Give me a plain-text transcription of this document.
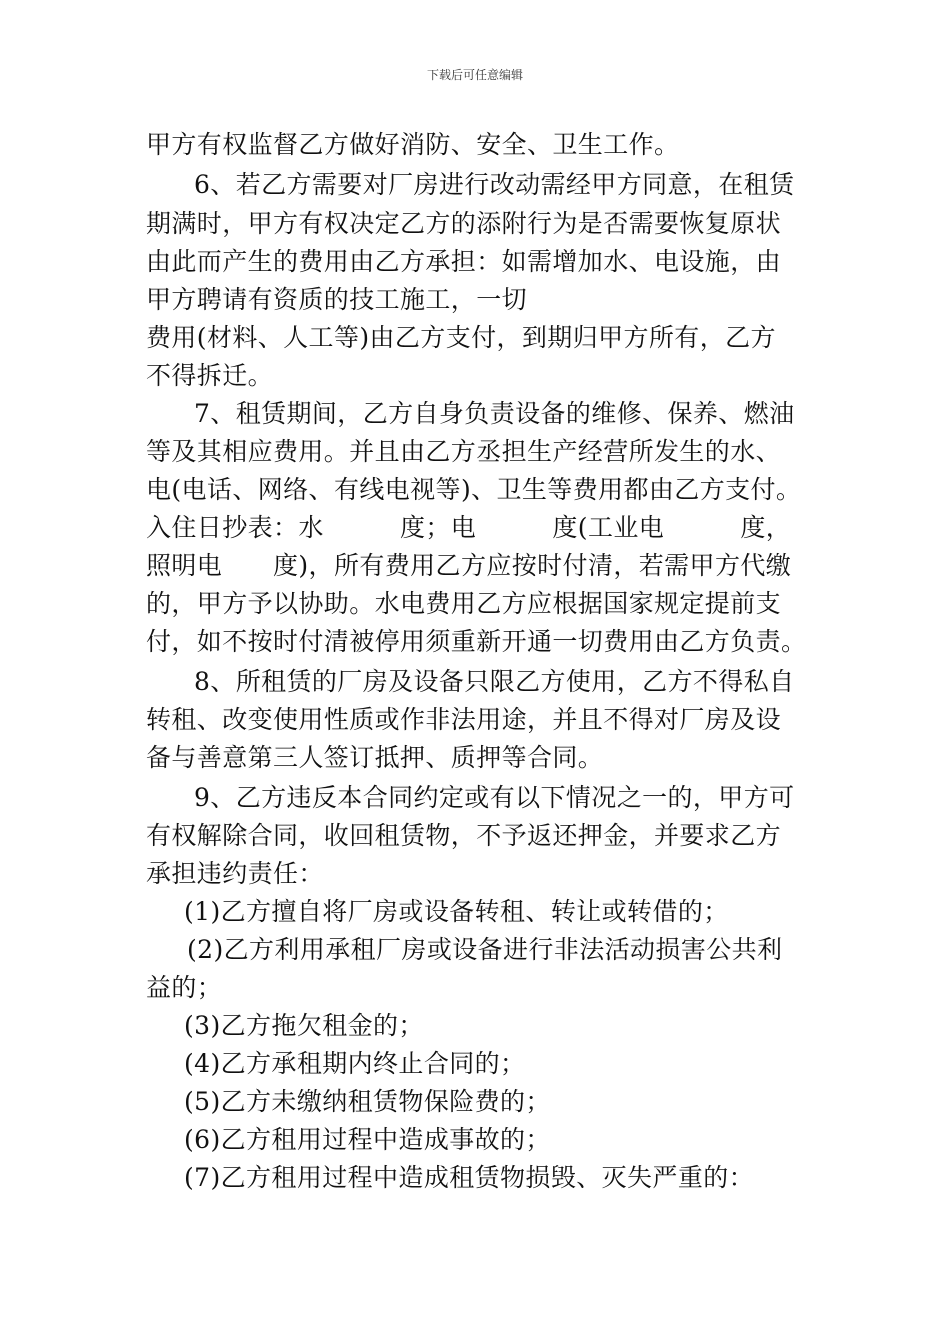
下载后可任意编辑
甲方有权监督乙方做好消防、安全、卫生工作。
6、若乙方需要对厂房进行改动需经甲方同意，在租赁
期满时，甲方有权决定乙方的添附行为是否需要恢复原状
由此而产生的费用由乙方承担：如需增加水、电设施，由
甲方聘请有资质的技工施工，一切
费用(材料、人工等)由乙方支付，到期归甲方所有，乙方
不得拆迁。
7、租赁期间，乙方自身负责设备的维修、保养、燃油
等及其相应费用。并且由乙方丞担生产经营所发生的水、
电(电话、网络、有线电视等)、卫生等费用都由乙方支付。
入住日抄表：水　　　度；电　　　度(工业电　　　度，
照明电　　度)，所有费用乙方应按时付清，若需甲方代缴
的，甲方予以协助。水电费用乙方应根据国家规定提前支
付，如不按时付清被停用须重新开通一切费用由乙方负责。
8、所租赁的厂房及设备只限乙方使用，乙方不得私自
转租、改变使用性质或作非法用途，并且不得对厂房及设
备与善意第三人签订抵押、质押等合同。
9、乙方违反本合同约定或有以下情况之一的，甲方可
有权解除合同，收回租赁物，不予返还押金，并要求乙方
承担违约责任：
(1)乙方擅自将厂房或设备转租、转让或转借的；
(2)乙方利用承租厂房或设备进行非法活动损害公共利
益的；
(3)乙方拖欠租金的；
(4)乙方承租期内终止合同的；
(5)乙方未缴纳租赁物保险费的；
(6)乙方租用过程中造成事故的；
(7)乙方租用过程中造成租赁物损毁、灭失严重的：
